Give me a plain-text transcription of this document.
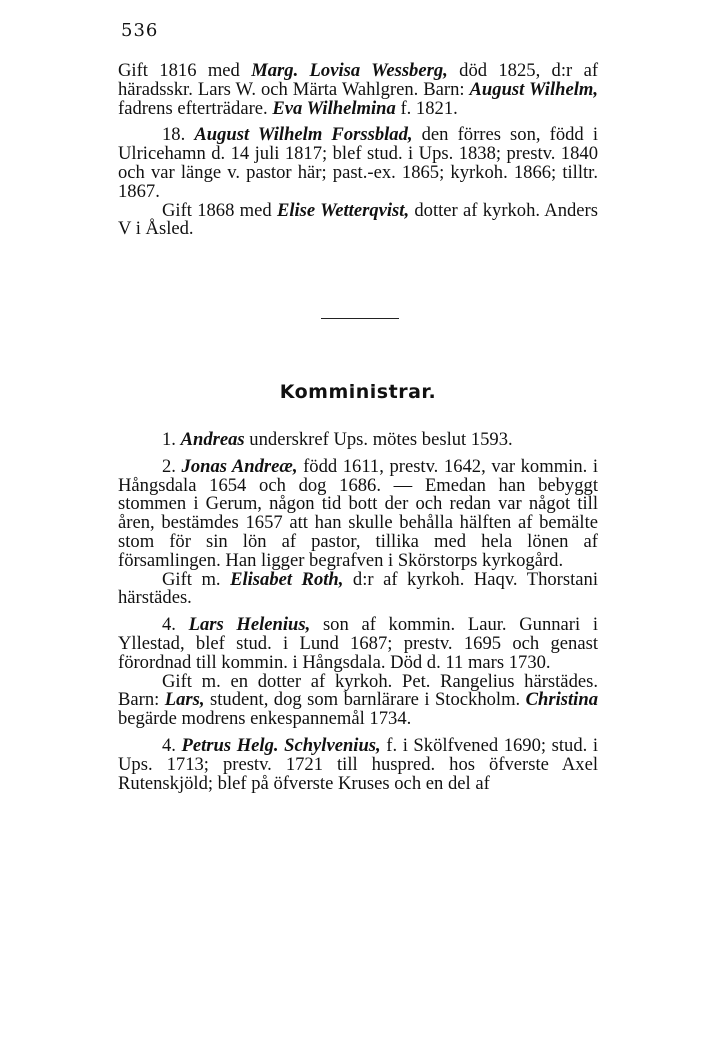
536

Gift 1816 med Marg. Lovisa Wessberg, död 1825, d:r af häradsskr. Lars W. och Märta Wahlgren. Barn: August Wilhelm, fadrens efterträdare. Eva Wilhelmina f. 1821.

18. August Wilhelm Forssblad, den förres son, född i Ulricehamn d. 14 juli 1817; blef stud. i Ups. 1838; prestv. 1840 och var länge v. pastor här; past.-ex. 1865; kyrkoh. 1866; tilltr. 1867.

Gift 1868 med Elise Wetterqvist, dotter af kyrkoh. Anders V i Åsled.

Komministrar.

1. Andreas underskref Ups. mötes beslut 1593.

2. Jonas Andreæ, född 1611, prestv. 1642, var kommin. i Hångsdala 1654 och dog 1686. — Emedan han bebyggt stommen i Gerum, någon tid bott der och redan var något till åren, bestämdes 1657 att han skulle behålla hälften af bemälte stom för sin lön af pastor, tillika med hela lönen af församlingen. Han ligger begrafven i Skörstorps kyrkogård.

Gift m. Elisabet Roth, d:r af kyrkoh. Haqv. Thorstani härstädes.

4. Lars Helenius, son af kommin. Laur. Gunnari i Yllestad, blef stud. i Lund 1687; prestv. 1695 och genast förordnad till kommin. i Hångsdala. Död d. 11 mars 1730.

Gift m. en dotter af kyrkoh. Pet. Rangelius härstädes. Barn: Lars, student, dog som barnlärare i Stockholm. Christina begärde modrens enkespannemål 1734.

4. Petrus Helg. Schylvenius, f. i Skölfvened 1690; stud. i Ups. 1713; prestv. 1721 till huspred. hos öfverste Axel Rutenskjöld; blef på öfverste Kruses och en del af
